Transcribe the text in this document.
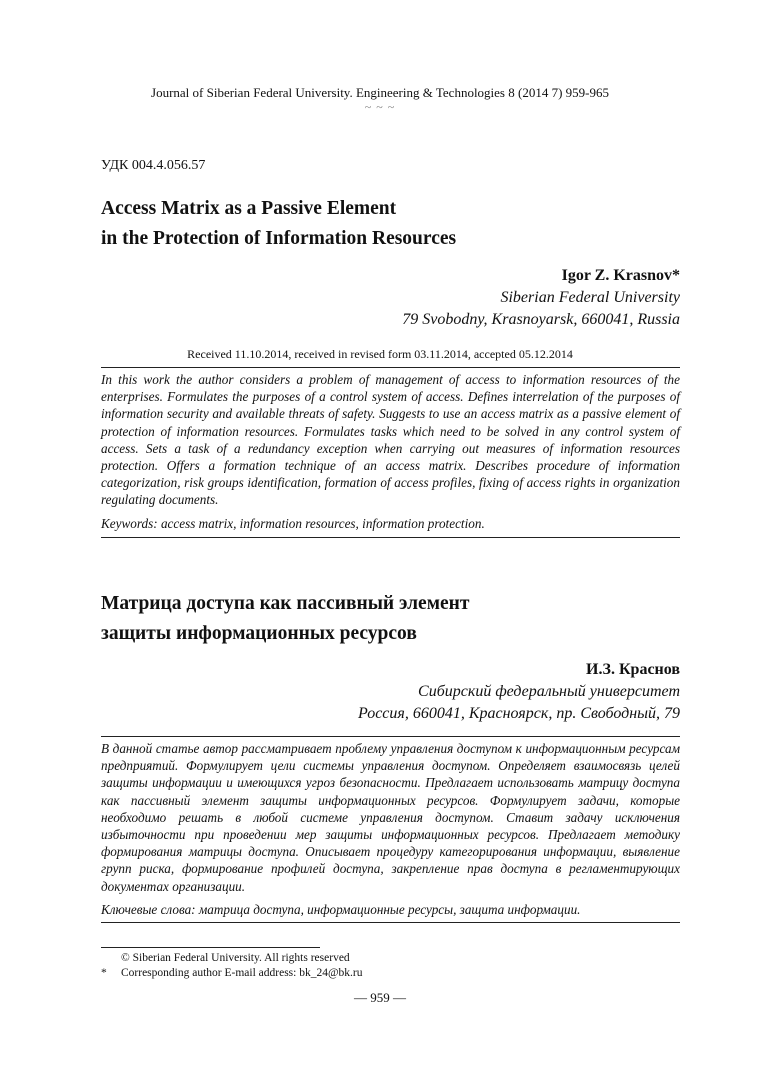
Journal of Siberian Federal University. Engineering & Technologies 8 (2014 7) 959-965
~ ~ ~
УДК 004.4.056.57
Access Matrix as a Passive Element
in the Protection of Information Resources
Igor Z. Krasnov*
Siberian Federal University
79 Svobodny, Krasnoyarsk, 660041, Russia
Received 11.10.2014, received in revised form 03.11.2014, accepted 05.12.2014
In this work the author considers a problem of management of access to information resources of the enterprises. Formulates the purposes of a control system of access. Defines interrelation of the purposes of information security and available threats of safety. Suggests to use an access matrix as a passive element of protection of information resources. Formulates tasks which need to be solved in any control system of access. Sets a task of a redundancy exception when carrying out measures of information resources protection. Offers a formation technique of an access matrix. Describes procedure of information categorization, risk groups identification, formation of access profiles, fixing of access rights in organization regulating documents.
Keywords: access matrix, information resources, information protection.
Матрица доступа как пассивный элемент
защиты информационных ресурсов
И.З. Краснов
Сибирский федеральный университет
Россия, 660041, Красноярск, пр. Свободный, 79
В данной статье автор рассматривает проблему управления доступом к информационным ресурсам предприятий. Формулирует цели системы управления доступом. Определяет взаимосвязь целей защиты информации и имеющихся угроз безопасности. Предлагает использовать матрицу доступа как пассивный элемент защиты информационных ресурсов. Формулирует задачи, которые необходимо решать в любой системе управления доступом. Ставит задачу исключения избыточности при проведении мер защиты информационных ресурсов. Предлагает методику формирования матрицы доступа. Описывает процедуру категорирования информации, выявление групп риска, формирование профилей доступа, закрепление прав доступа в регламентирующих документах организации.
Ключевые слова: матрица доступа, информационные ресурсы, защита информации.
© Siberian Federal University. All rights reserved
* Corresponding author E-mail address: bk_24@bk.ru
— 959 —
